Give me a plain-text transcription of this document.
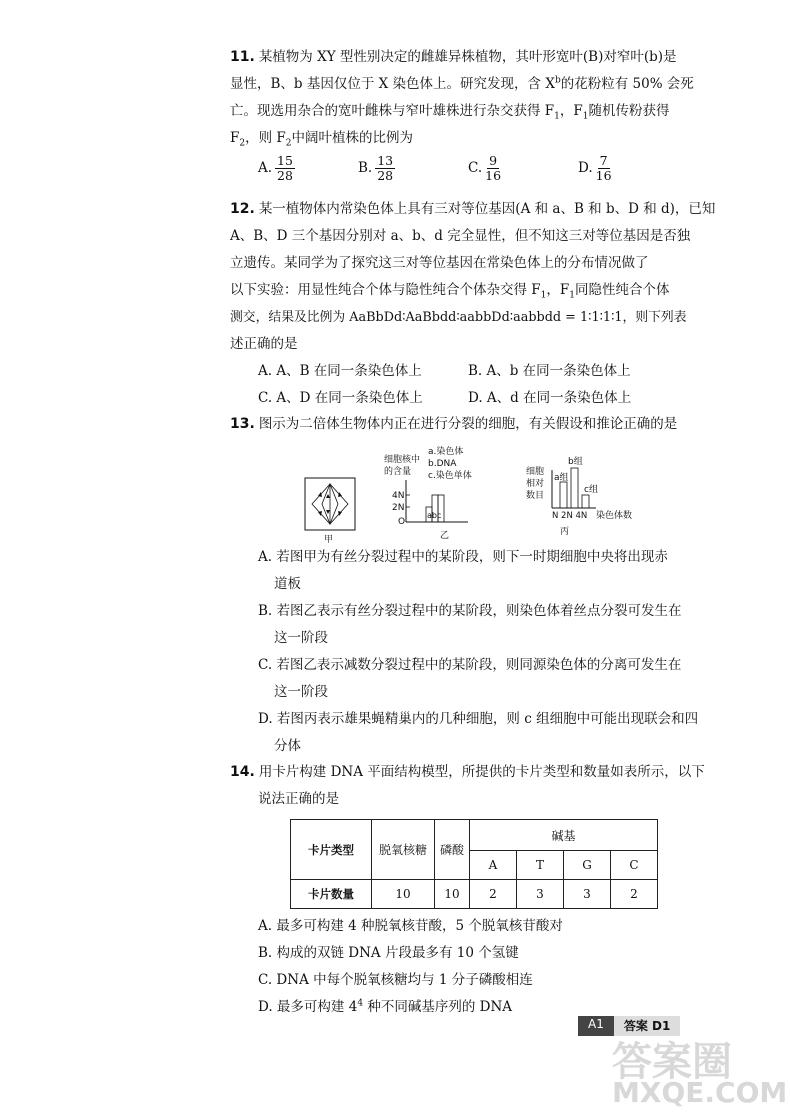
11. 某植物为 XY 型性别决定的雌雄异株植物，其叶形宽叶(B)对窄叶(b)是
显性，B、b 基因仅位于 X 染色体上。研究发现，含 $X^b$的花粉粒有 50% 会死
亡。现选用杂合的宽叶雌株与窄叶雄株进行杂交获得 $F_1$，$F_1$随机传粉获得
$F_2$，则 $F_2$中阔叶植株的比例为
A. $\frac{15}{28}$	B. $\frac{13}{28}$	C. $\frac{9}{16}$	D. $\frac{7}{16}$
12. 某一植物体内常染色体上具有三对等位基因(A 和 a、B 和 b、D 和 d)，已知
A、B、D 三个基因分别对 a、b、d 完全显性，但不知这三对等位基因是否独
立遗传。某同学为了探究这三对等位基因在常染色体上的分布情况做了
以下实验：用显性纯合个体与隐性纯合个体杂交得 $F_1$，$F_1$同隐性纯合个体
测交，结果及比例为 AaBbDd∶AaBbdd∶aabbDd∶aabbdd = 1∶1∶1∶1，则下列表
述正确的是
A. A、B 在同一条染色体上	B. A、b 在同一条染色体上
C. A、D 在同一条染色体上	D. A、d 在同一条染色体上
13. 图示为二倍体生物体内正在进行分裂的细胞，有关假设和推论正确的是
甲
细胞核中
的含量
a.染色体
b.DNA
c.染色单体
4N
2N
O
abc
乙
细胞
相对
数目
a组
b组
c组
N 2N 4N 染色体数
丙
A. 若图甲为有丝分裂过程中的某阶段，则下一时期细胞中央将出现赤
道板
B. 若图乙表示有丝分裂过程中的某阶段，则染色体着丝点分裂可发生在
这一阶段
C. 若图乙表示减数分裂过程中的某阶段，则同源染色体的分离可发生在
这一阶段
D. 若图丙表示雄果蝇精巢内的几种细胞，则 c 组细胞中可能出现联会和四
分体
14. 用卡片构建 DNA 平面结构模型，所提供的卡片类型和数量如表所示，以下
说法正确的是
卡片类型	脱氧核糖	磷酸	碱基			
			A	T	G	C
卡片数量	10	10	2	3	3	2
A. 最多可构建 4 种脱氧核苷酸，5 个脱氧核苷酸对
B. 构成的双链 DNA 片段最多有 10 个氢键
C. DNA 中每个脱氧核糖均与 1 分子磷酸相连
D. 最多可构建 $4^4$ 种不同碱基序列的 DNA
A1	答案 D1
答案圈
MXQE.COM
